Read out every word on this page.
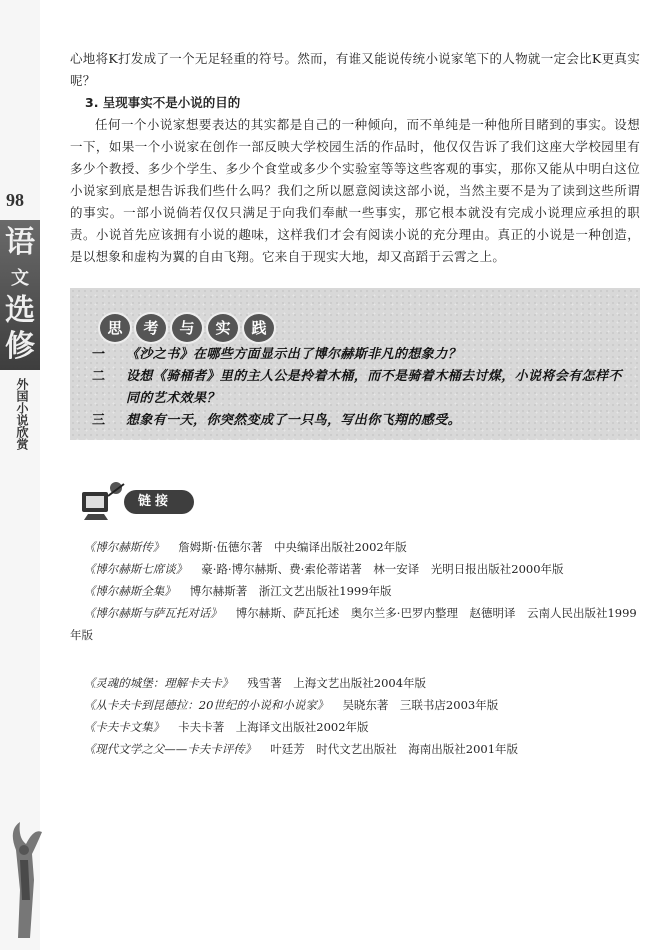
98
语
文
选
修
外国小说欣赏

心地将K打发成了一个无足轻重的符号。然而，有谁又能说传统小说家笔下的人物就一定会比K更真实呢？

3. 呈现事实不是小说的目的

任何一个小说家想要表达的其实都是自己的一种倾向，而不单纯是一种他所目睹到的事实。设想一下，如果一个小说家在创作一部反映大学校园生活的作品时，他仅仅告诉了我们这座大学校园里有多少个教授、多少个学生、多少个食堂或多少个实验室等等这些客观的事实，那你又能从中明白这位小说家到底是想告诉我们些什么吗？我们之所以愿意阅读这部小说，当然主要不是为了读到这些所谓的事实。一部小说倘若仅仅只满足于向我们奉献一些事实，那它根本就没有完成小说理应承担的职责。小说首先应该拥有小说的趣味，这样我们才会有阅读小说的充分理由。真正的小说是一种创造，是以想象和虚构为翼的自由飞翔。它来自于现实大地，却又高蹈于云霄之上。

思	考	与	实	践
一	《沙之书》在哪些方面显示出了博尔赫斯非凡的想象力？
二	设想《骑桶者》里的主人公是拎着木桶，而不是骑着木桶去讨煤，小说将会有怎样不同的艺术效果？
三	想象有一天，你突然变成了一只鸟，写出你飞翔的感受。
链接

《博尔赫斯传》 詹姆斯·伍德尔著　中央编译出版社2002年版

《博尔赫斯七席谈》 豪·路·博尔赫斯、费·索伦蒂诺著　林一安译　光明日报出版社2000年版

《博尔赫斯全集》 博尔赫斯著　浙江文艺出版社1999年版

《博尔赫斯与萨瓦托对话》 博尔赫斯、萨瓦托述　奥尔兰多·巴罗内整理　赵德明译　云南人民出版社1999年版

《灵魂的城堡：理解卡夫卡》 残雪著　上海文艺出版社2004年版

《从卡夫卡到昆德拉：20世纪的小说和小说家》 吴晓东著　三联书店2003年版

《卡夫卡文集》 卡夫卡著　上海译文出版社2002年版

《现代文学之父——卡夫卡评传》 叶廷芳　时代文艺出版社　海南出版社2001年版
